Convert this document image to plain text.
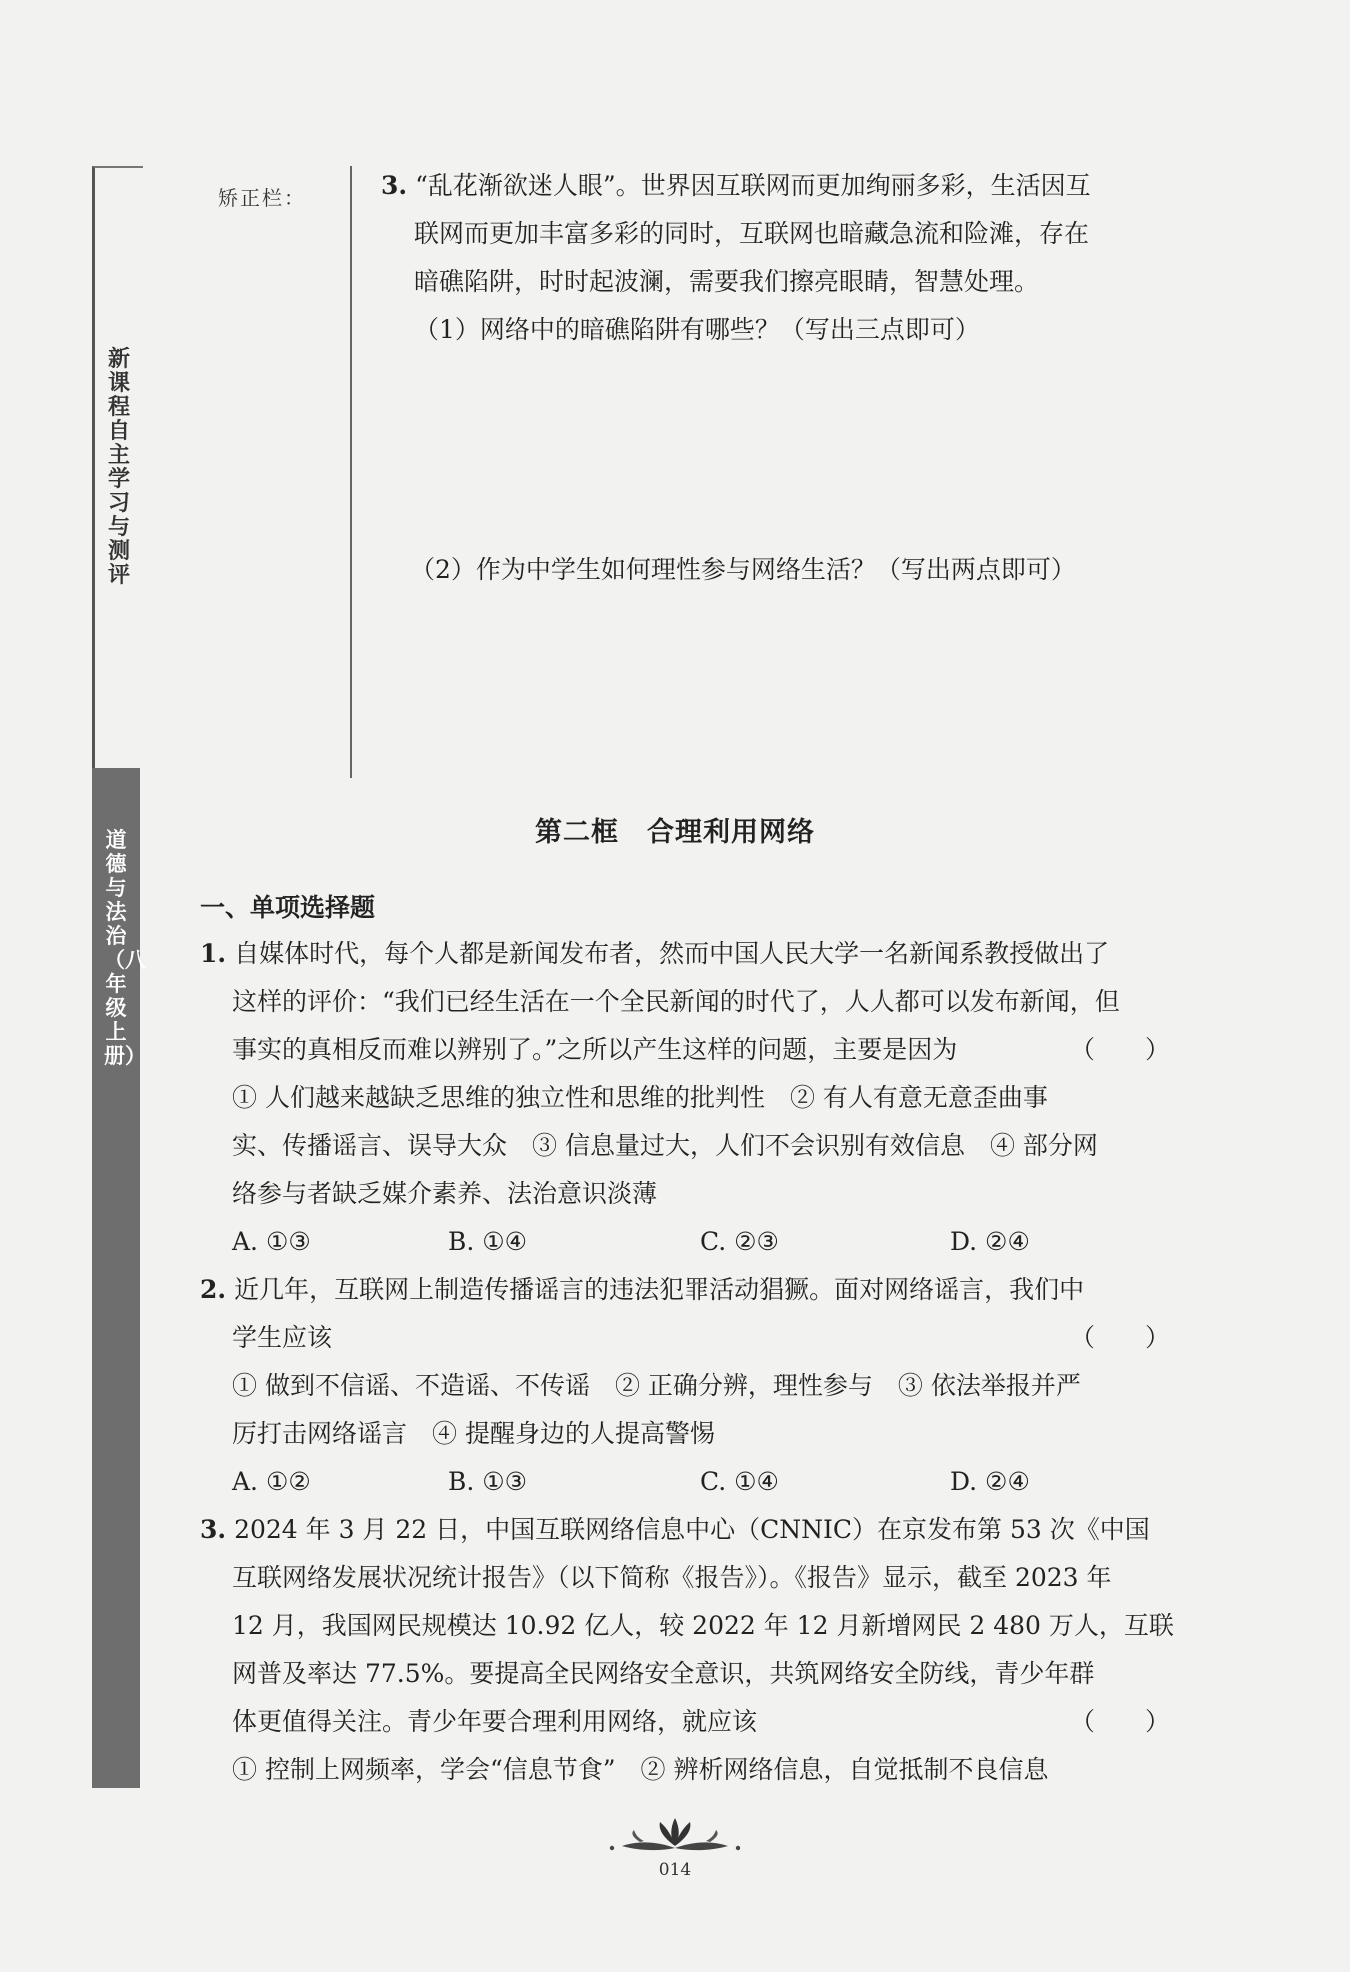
新课程自主学习与测评
道德与法治（八年级上册）
矫正栏：	3. “乱花渐欲迷人眼”。世界因互联网而更加绚丽多彩，生活因互
联网而更加丰富多彩的同时，互联网也暗藏急流和险滩，存在
暗礁陷阱，时时起波澜，需要我们擦亮眼睛，智慧处理。
（1）网络中的暗礁陷阱有哪些？（写出三点即可）
（2）作为中学生如何理性参与网络生活？（写出两点即可）
第二框　合理利用网络
一、单项选择题
1. 自媒体时代，每个人都是新闻发布者，然而中国人民大学一名新闻系教授做出了
这样的评价：“我们已经生活在一个全民新闻的时代了，人人都可以发布新闻，但
事实的真相反而难以辨别了。”之所以产生这样的问题，主要是因为
① 人们越来越缺乏思维的独立性和思维的批判性　② 有人有意无意歪曲事
实、传播谣言、误导大众　③ 信息量过大，人们不会识别有效信息　④ 部分网
络参与者缺乏媒介素养、法治意识淡薄
（　　）
A. ①③	B. ①④	C. ②③	D. ②④
2. 近几年，互联网上制造传播谣言的违法犯罪活动猖獗。面对网络谣言，我们中
学生应该
① 做到不信谣、不造谣、不传谣　② 正确分辨，理性参与　③ 依法举报并严
厉打击网络谣言　④ 提醒身边的人提高警惕
（　　）
A. ①②	B. ①③	C. ①④	D. ②④
3. 2024 年 3 月 22 日，中国互联网络信息中心（CNNIC）在京发布第 53 次《中国
互联网络发展状况统计报告》（以下简称《报告》）。《报告》显示，截至 2023 年
12 月，我国网民规模达 10.92 亿人，较 2022 年 12 月新增网民 2 480 万人，互联
网普及率达 77.5%。要提高全民网络安全意识，共筑网络安全防线，青少年群
体更值得关注。青少年要合理利用网络，就应该
① 控制上网频率，学会“信息节食”　② 辨析网络信息，自觉抵制不良信息
（　　）
014
